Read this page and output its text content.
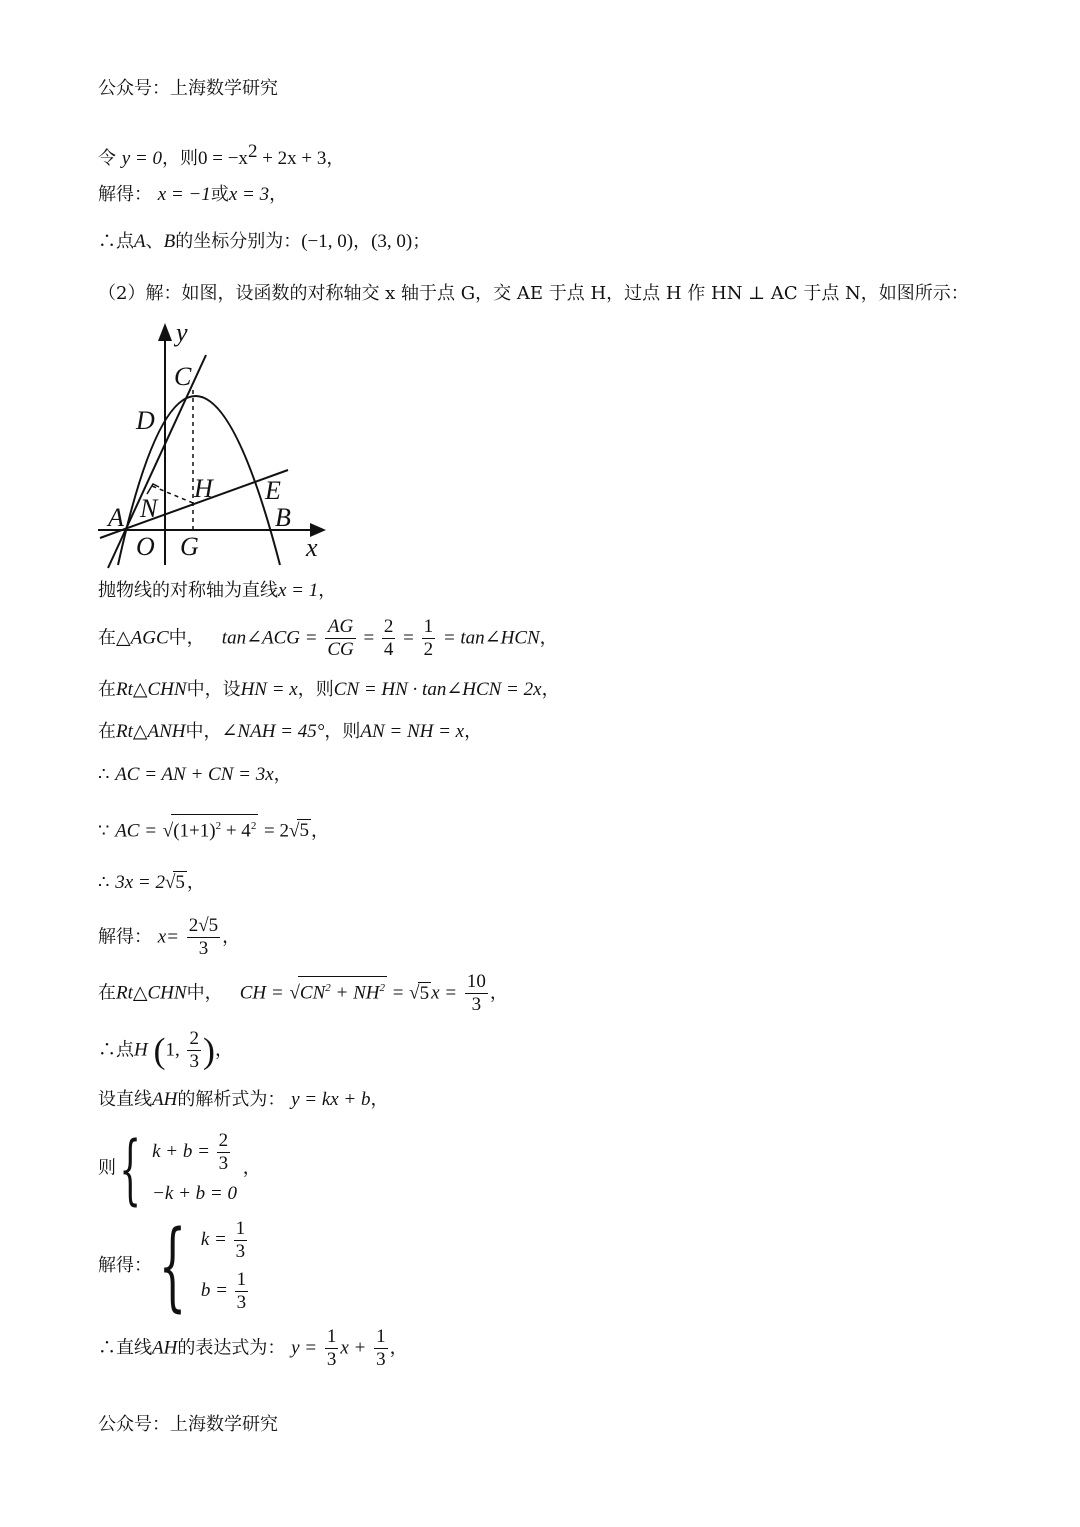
公众号：上海数学研究
令 y = 0，则$0 = -x^2 + 2x + 3$，
解得： x = −1或x = 3，
∴点A、B的坐标分别为：(−1, 0)，(3, 0)；
（2）解：如图，设函数的对称轴交 x 轴于点 G，交 AE 于点 H，过点 H 作 HN ⊥ AC 于点 N，如图所示：
y
C
D
H E
N
A	B
O G	x
抛物线的对称轴为直线x = 1，
在△AGC中， tan∠ACG = $\frac{AG}{CG} = \frac{2}{4} = \frac{1}{2}$ = tan∠HCN，
在Rt△CHN中，设HN = x，则CN = HN · tan∠HCN = 2x，
在Rt△ANH中，∠NAH = 45°，则AN = NH = x，
∴ AC = AN + CN = 3x，
∵ AC = $√(1+1)^2 + 4^2 = 2√5$ ，
∴ 3x = 2√5 ，
解得： $x= \frac{2√5}{3}$ ，
在Rt△CHN中， CH = $√CN^2 + NH^2 = √5$ $x = \frac{10}{3}$ ，
∴点H (1, $\frac{2}{3}$ )，
设直线AH的解析式为： y = kx + b，
则{ $k + b = \frac{2}{3}$
−k + b = 0
，
解得：{ $k = \frac{1}{3}$
$b = \frac{1}{3}$
∴直线AH的表达式为： $y = \frac{1}{3}$ $x + \frac{1}{3}$ ，
公众号：上海数学研究
